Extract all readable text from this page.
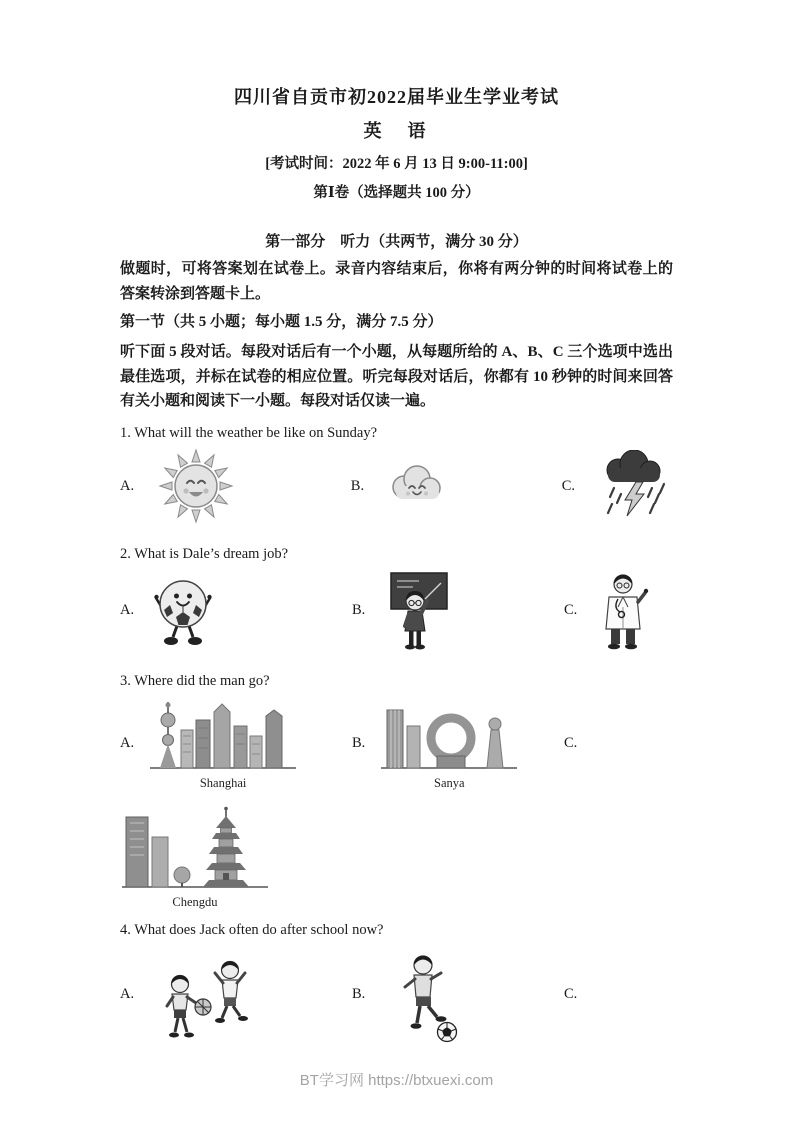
四川省自贡市初2022届毕业生学业考试
英　语
[考试时间：2022 年 6 月 13 日 9:00-11:00]
第Ⅰ卷（选择题共 100 分）
第一部分　听力（共两节，满分 30 分）
做题时，可将答案划在试卷上。录音内容结束后，你将有两分钟的时间将试卷上的答案转涂到答题卡上。
第一节（共 5 小题；每小题 1.5 分，满分 7.5 分）
听下面 5 段对话。每段对话后有一个小题，从每题所给的 A、B、C 三个选项中选出最佳选项，并标在试卷的相应位置。听完每段对话后，你都有 10 秒钟的时间来回答有关小题和阅读下一小题。每段对话仅读一遍。
1. What will the weather be like on Sunday?
A.	B.	C.
2. What is Dale’s dream job?
A.	B.	C.
3. Where did the man go?
A.
Shanghai
B.
Sanya
C.
Chengdu
4. What does Jack often do after school now?
A.	B.	C.
BT学习网 https://btxuexi.com
